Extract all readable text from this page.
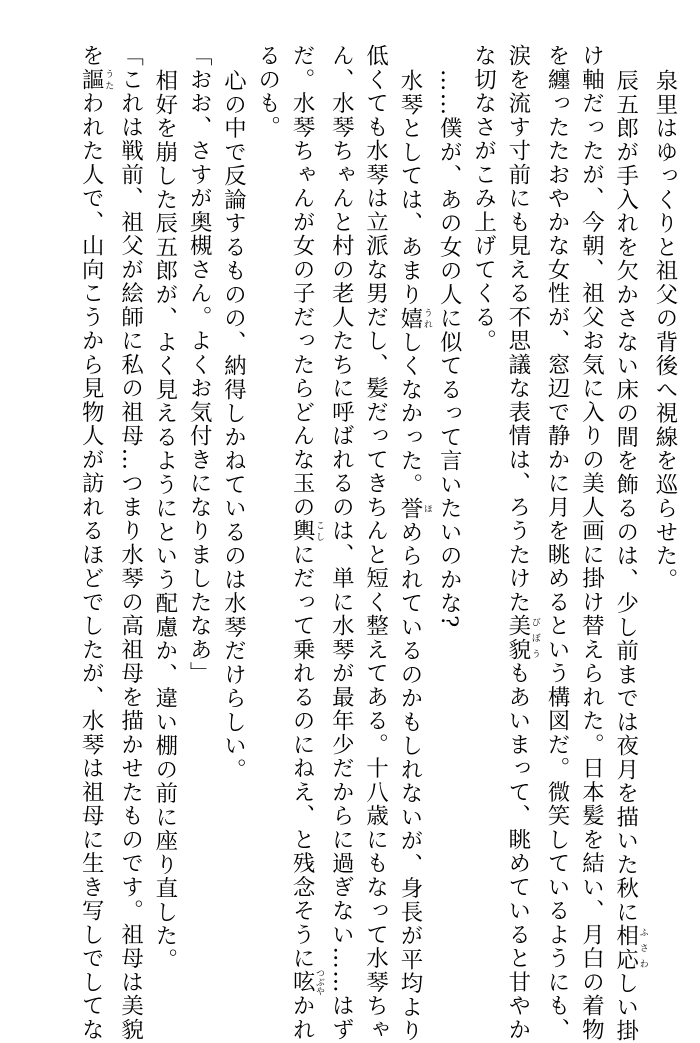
泉里はゆっくりと祖父の背後へ視線を巡らせた。
辰五郎が手入れを欠かさない床の間を飾るのは、少し前までは夜月を描いた秋に相応 ふさわしい掛
け軸だったが、今朝、祖父お気に入りの美人画に掛け替えられた。日本髪を結い、月白の着物
を纏ったたおやかな女性が、窓辺で静かに月を眺めるという構図だ。微笑しているようにも、
涙を流す寸前にも見える不思議な表情は、ろうたけた美貌 びぼうもあいまって、眺めていると甘やか
な切なさがこみ上げてくる。
……僕が、あの女の人に似てるって言いたいのかな?
水琴としては、あまり嬉 うれしくなかった。誉 ほめられているのかもしれないが、身長が平均より
低くても水琴は立派な男だし、髪だってきちんと短く整えてある。十八歳にもなって水琴ちゃ
ん、水琴ちゃんと村の老人たちに呼ばれるのは、単に水琴が最年少だからに過ぎない……はず
だ。水琴ちゃんが女の子だったらどんな玉の輿 こしにだって乗れるのにねえ、と残念そうに呟 つぶやかれ
るのも。
心の中で反論するものの、納得しかねているのは水琴だけらしい。
「おお、さすが奥槻さん。よくお気付きになりましたなあ」
相好を崩した辰五郎が、よく見えるようにという配慮か、違い棚の前に座り直した。
「これは戦前、祖父が絵師に私の祖母…つまり水琴の高祖母を描かせたものです。祖母は美貌
を謳 うたわれた人で、山向こうから見物人が訪れるほどでしたが、水琴は祖母に生き写しでしてな
